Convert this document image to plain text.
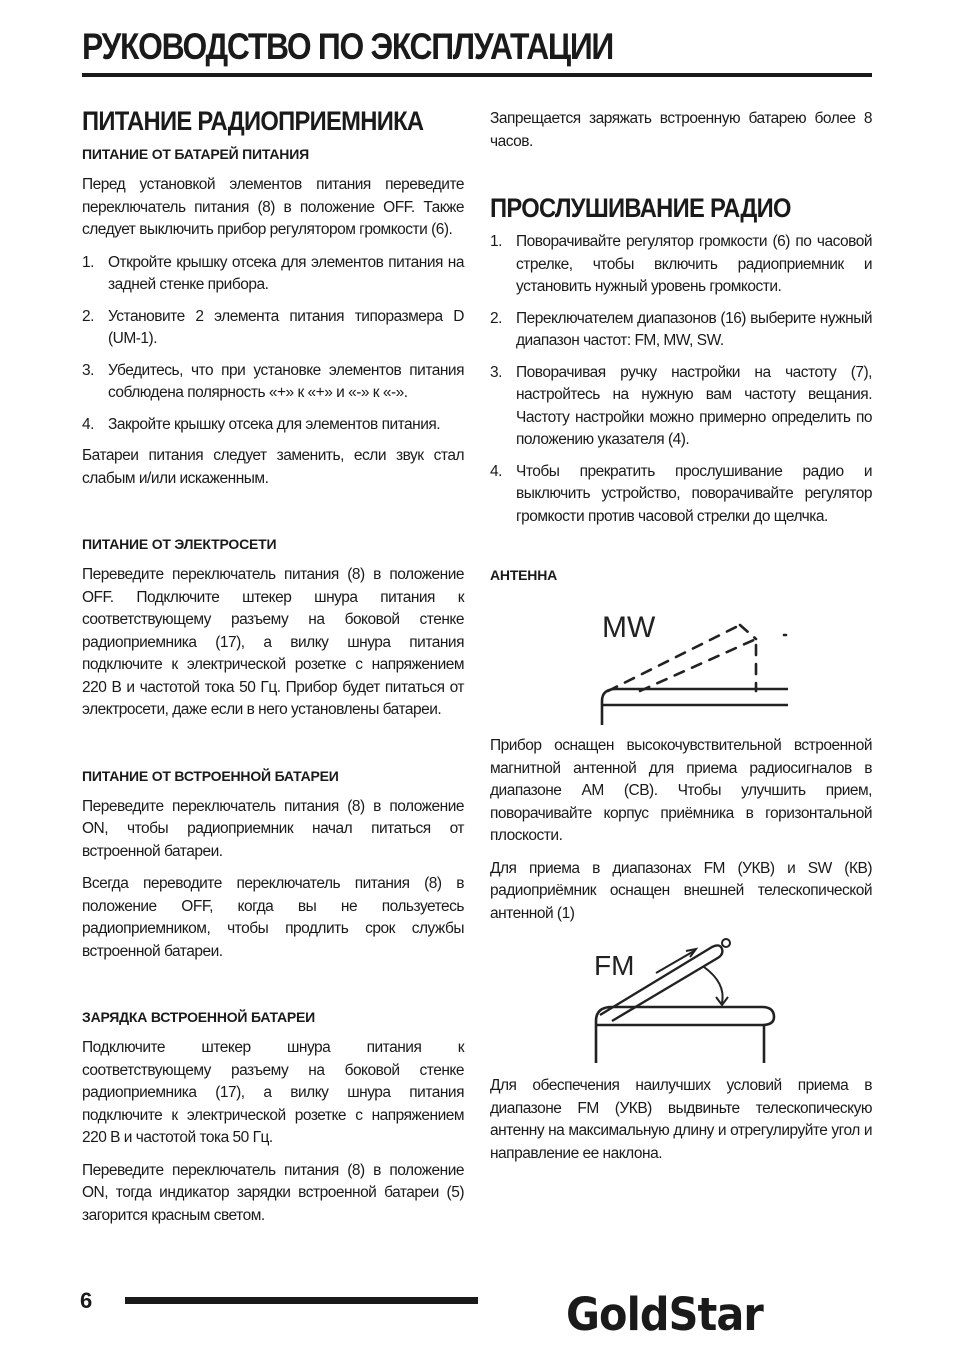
РУКОВОДСТВО ПО ЭКСПЛУАТАЦИИ
ПИТАНИЕ РАДИОПРИЕМНИКА
ПИТАНИЕ ОТ БАТАРЕЙ ПИТАНИЯ

Перед установкой элементов питания переведите переключатель питания (8) в положение OFF. Также следует выключить прибор регулятором громкости (6).

1. Откройте крышку отсека для элементов питания на задней стенке прибора.
2. Установите 2 элемента питания типоразмера D (UM-1).
3. Убедитесь, что при установке элементов питания соблюдена полярность «+» к «+» и «-» к «-».
4. Закройте крышку отсека для элементов питания.

Батареи питания следует заменить, если звук стал слабым и/или искаженным.

ПИТАНИЕ ОТ ЭЛЕКТРОСЕТИ

Переведите переключатель питания (8) в положение OFF. Подключите штекер шнура питания к соответствующему разъему на боковой стенке радиоприемника (17), а вилку шнура питания подключите к электрической розетке с напряжением 220 В и частотой тока 50 Гц. Прибор будет питаться от электросети, даже если в него установлены батареи.

ПИТАНИЕ ОТ ВСТРОЕННОЙ БАТАРЕИ

Переведите переключатель питания (8) в положение ON, чтобы радиоприемник начал питаться от встроенной батареи.

Всегда переводите переключатель питания (8) в положение OFF, когда вы не пользуетесь радиоприемником, чтобы продлить срок службы встроенной батареи.

ЗАРЯДКА ВСТРОЕННОЙ БАТАРЕИ

Подключите штекер шнура питания к соответствующему разъему на боковой стенке радиоприемника (17), а вилку шнура питания подключите к электрической розетке с напряжением 220 В и частотой тока 50 Гц.

Переведите переключатель питания (8) в положение ON, тогда индикатор зарядки встроенной батареи (5) загорится красным светом.

Запрещается заряжать встроенную батарею более 8 часов.

ПРОСЛУШИВАНИЕ РАДИО
1. Поворачивайте регулятор громкости (6) по часовой стрелке, чтобы включить радиоприемник и установить нужный уровень громкости.
2. Переключателем диапазонов (16) выберите нужный диапазон частот: FM, MW, SW.
3. Поворачивая ручку настройки на частоту (7), настройтесь на нужную вам частоту вещания. Частоту настройки можно примерно определить по положению указателя (4).
4. Чтобы прекратить прослушивание радио и выключить устройство, поворачивайте регулятор громкости против часовой стрелки до щелчка.
АНТЕННА
MW

Прибор оснащен высокочувствительной встроенной магнитной антенной для приема радиосигналов в диапазоне AM (СВ). Чтобы улучшить прием, поворачивайте корпус приёмника в горизонтальной плоскости.

Для приема в диапазонах FM (УКВ) и SW (КВ) радиоприёмник оснащен внешней телескопической антенной (1)

FM

Для обеспечения наилучших условий приема в диапазоне FM (УКВ) выдвиньте телескопическую антенну на максимальную длину и отрегулируйте угол и направление ее наклона.

6	GoldStar
